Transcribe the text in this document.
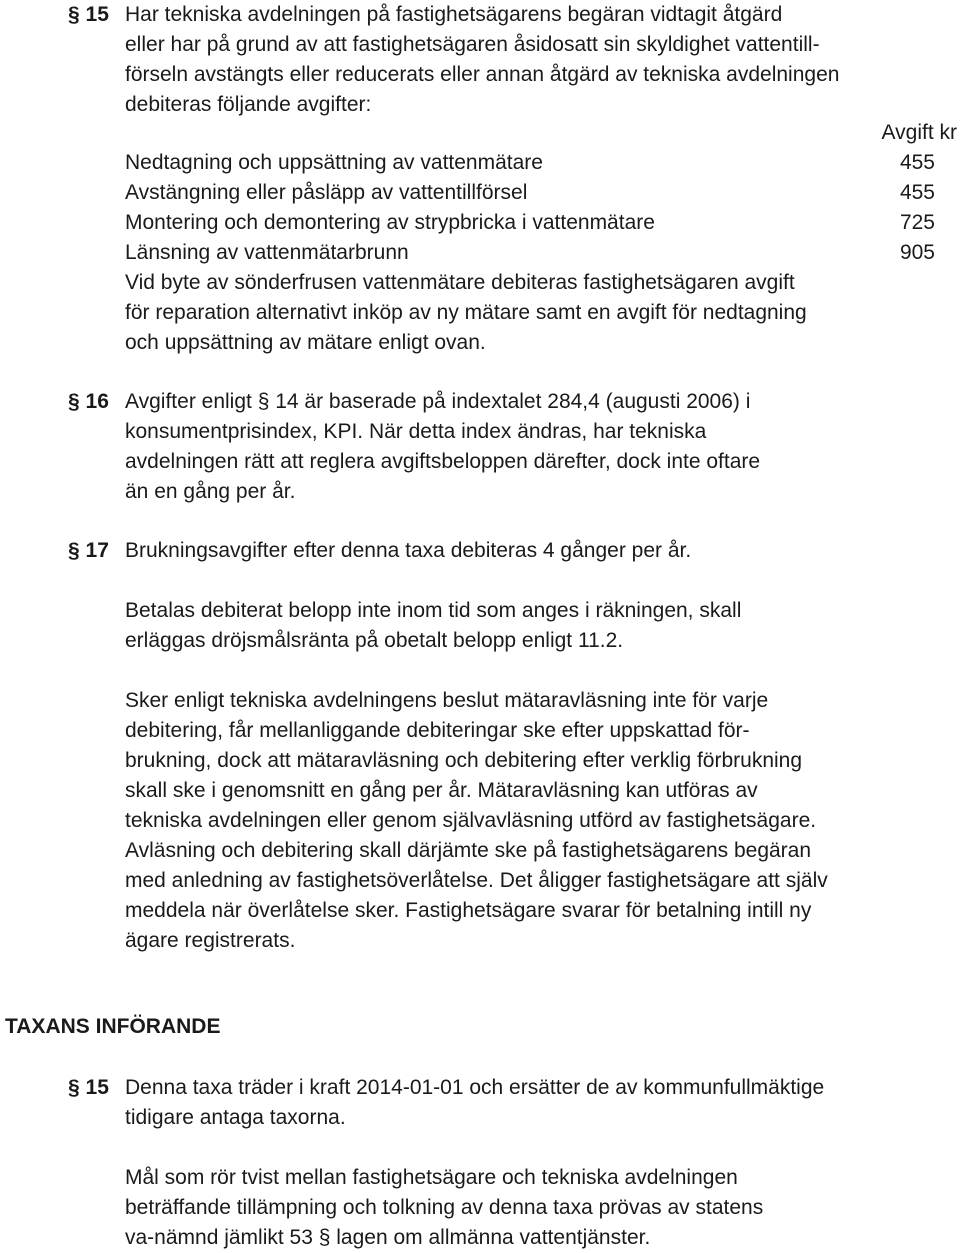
§ 15 Har tekniska avdelningen på fastighetsägarens begäran vidtagit åtgärd

eller har på grund av att fastighetsägaren åsidosatt sin skyldighet vattentill-

förseln avstängts eller reducerats eller annan åtgärd av tekniska avdelningen

debiteras följande avgifter:

Avgift kr
Nedtagning och uppsättning av vattenmätare	455
Avstängning eller påsläpp av vattentillförsel	455
Montering och demontering av strypbricka i vattenmätare	725
Länsning av vattenmätarbrunn	905

Vid byte av sönderfrusen vattenmätare debiteras fastighetsägaren avgift

för reparation alternativt inköp av ny mätare samt en avgift för nedtagning

och uppsättning av mätare enligt ovan.

§ 16 Avgifter enligt § 14 är baserade på indextalet 284,4 (augusti 2006) i

konsumentprisindex, KPI. När detta index ändras, har tekniska

avdelningen rätt att reglera avgiftsbeloppen därefter, dock inte oftare

än en gång per år.

§ 17 Brukningsavgifter efter denna taxa debiteras 4 gånger per år.

Betalas debiterat belopp inte inom tid som anges i räkningen, skall

erläggas dröjsmålsränta på obetalt belopp enligt 11.2.

Sker enligt tekniska avdelningens beslut mätaravläsning inte för varje

debitering, får mellanliggande debiteringar ske efter uppskattad för-

brukning, dock att mätaravläsning och debitering efter verklig förbrukning

skall ske i genomsnitt en gång per år. Mätaravläsning kan utföras av

tekniska avdelningen eller genom självavläsning utförd av fastighetsägare.

Avläsning och debitering skall därjämte ske på fastighetsägarens begäran

med anledning av fastighetsöverlåtelse. Det åligger fastighetsägare att själv

meddela när överlåtelse sker. Fastighetsägare svarar för betalning intill ny

ägare registrerats.

TAXANS INFÖRANDE
§ 15 Denna taxa träder i kraft 2014-01-01 och ersätter de av kommunfullmäktige

tidigare antaga taxorna.

Mål som rör tvist mellan fastighetsägare och tekniska avdelningen

beträffande tillämpning och tolkning av denna taxa prövas av statens

va-nämnd jämlikt 53 § lagen om allmänna vattentjänster.
